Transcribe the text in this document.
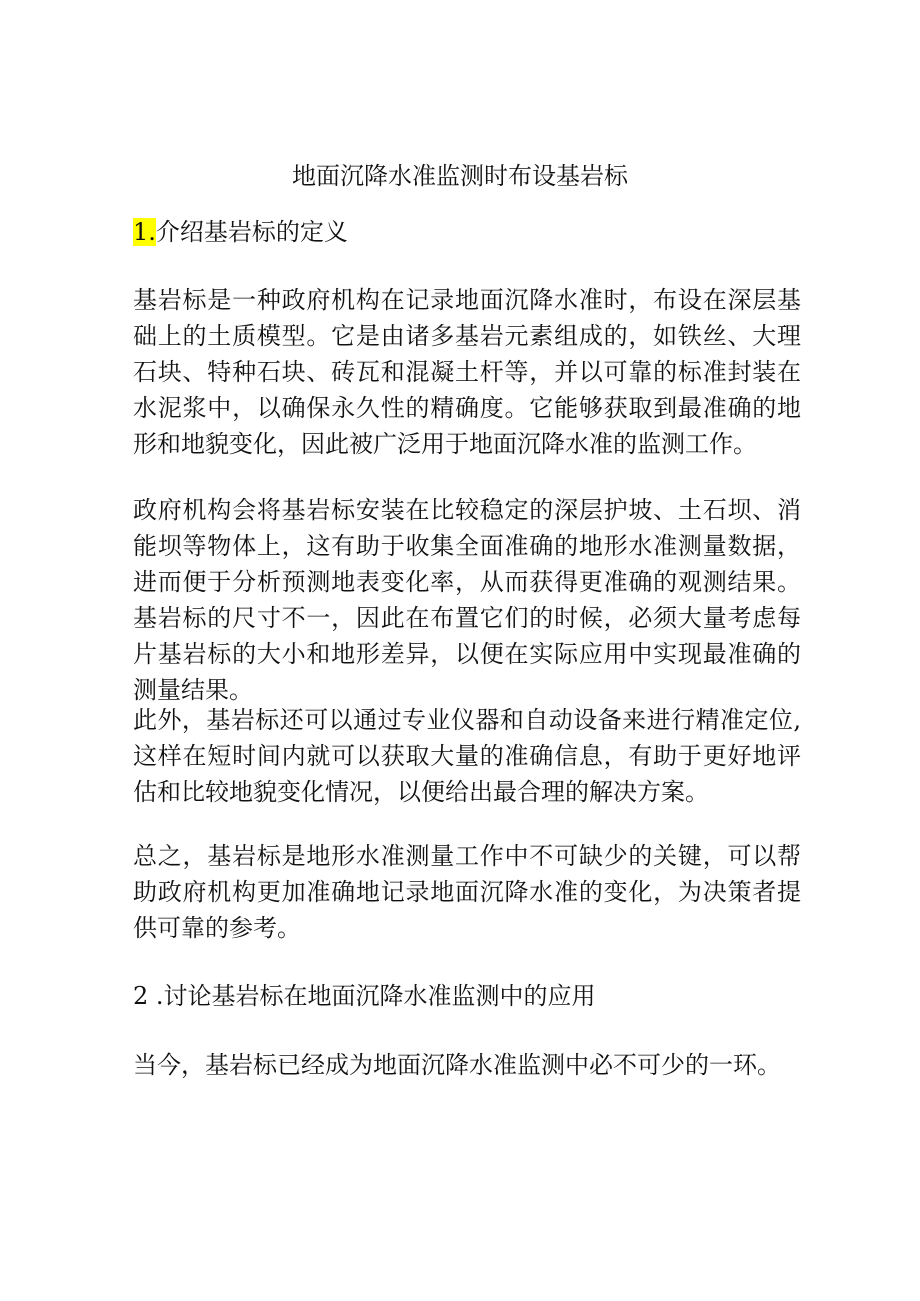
地面沉降水准监测时布设基岩标
1.介绍基岩标的定义

基岩标是一种政府机构在记录地面沉降水准时，布设在深层基础上的土质模型。它是由诸多基岩元素组成的，如铁丝、大理石块、特种石块、砖瓦和混凝土杆等，并以可靠的标准封装在水泥浆中，以确保永久性的精确度。它能够获取到最准确的地形和地貌变化，因此被广泛用于地面沉降水准的监测工作。

政府机构会将基岩标安装在比较稳定的深层护坡、土石坝、消能坝等物体上，这有助于收集全面准确的地形水准测量数据，进而便于分析预测地表变化率，从而获得更准确的观测结果。基岩标的尺寸不一，因此在布置它们的时候，必须大量考虑每片基岩标的大小和地形差异，以便在实际应用中实现最准确的测量结果。

此外，基岩标还可以通过专业仪器和自动设备来进行精准定位,这样在短时间内就可以获取大量的准确信息，有助于更好地评估和比较地貌变化情况，以便给出最合理的解决方案。

总之，基岩标是地形水准测量工作中不可缺少的关键，可以帮助政府机构更加准确地记录地面沉降水准的变化，为决策者提供可靠的参考。

2 .讨论基岩标在地面沉降水准监测中的应用

当今，基岩标已经成为地面沉降水准监测中必不可少的一环。
